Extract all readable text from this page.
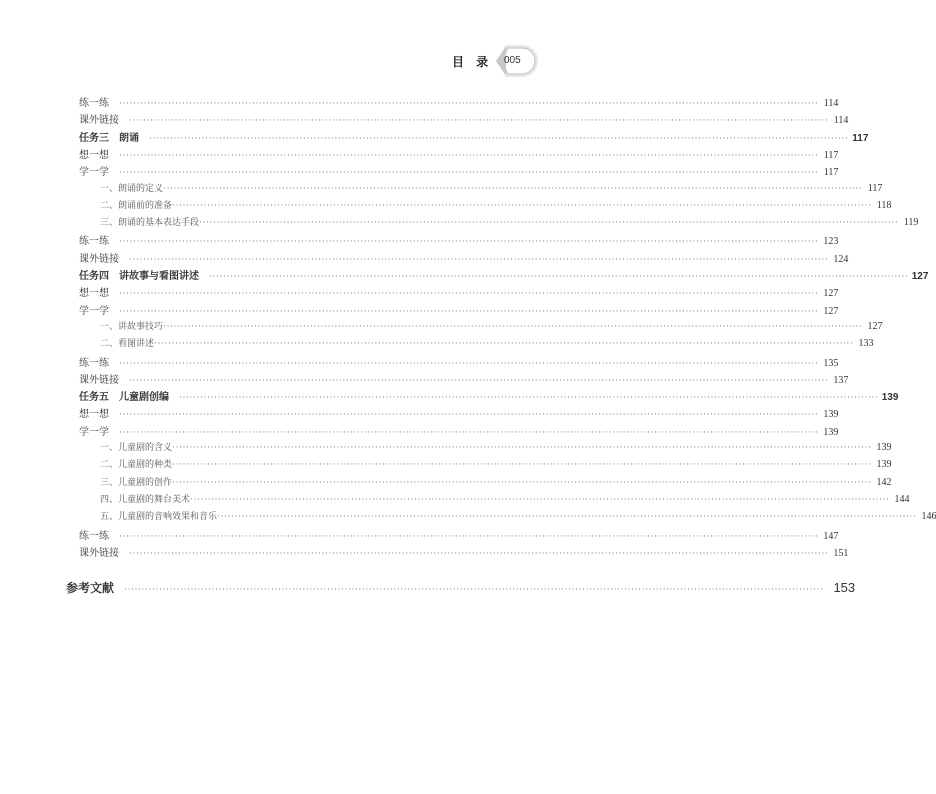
目 录 005
练一练 ········································································································································································································ 114
课外链接 ········································································································································································································ 114
任务三　朗诵 ········································································································································································································ 117
想一想 ········································································································································································································ 117
学一学 ········································································································································································································ 117
一、朗诵的定义 ········································································································································································································ 117
二、朗诵前的准备 ········································································································································································································ 118
三、朗诵的基本表达手段 ········································································································································································································ 119
练一练 ········································································································································································································ 123
课外链接 ········································································································································································································ 124
任务四　讲故事与看图讲述 ········································································································································································································ 127
想一想 ········································································································································································································ 127
学一学 ········································································································································································································ 127
一、讲故事技巧 ········································································································································································································ 127
二、看图讲述 ········································································································································································································ 133
练一练 ········································································································································································································ 135
课外链接 ········································································································································································································ 137
任务五　儿童剧创编 ········································································································································································································ 139
想一想 ········································································································································································································ 139
学一学 ········································································································································································································ 139
一、儿童剧的含义 ········································································································································································································ 139
二、儿童剧的种类 ········································································································································································································ 139
三、儿童剧的创作 ········································································································································································································ 142
四、儿童剧的舞台美术 ········································································································································································································ 144
五、儿童剧的音响效果和音乐 ········································································································································································································ 146
练一练 ········································································································································································································ 147
课外链接 ········································································································································································································ 151
参考文献 ········································································································································································································ 153
